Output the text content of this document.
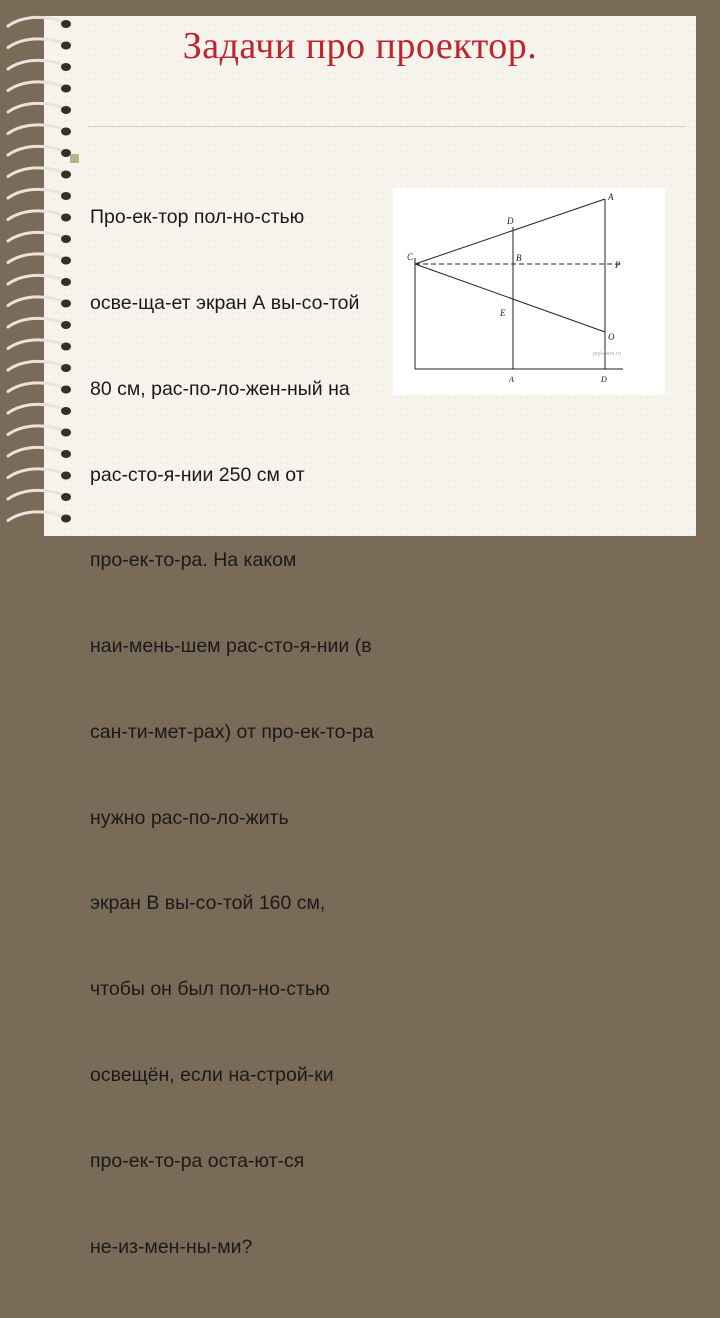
Задачи про проектор.

Про-ек-тор пол-но-стью

осве-ща-ет экран А вы-со-той

80 см, рас-по-ло-жен-ный на

рас-сто-я-нии 250 см от

про-ек-то-ра. На каком

наи-мень-шем рас-сто-я-нии (в

сан-ти-мет-рах) от про-ек-то-ра

нужно рас-по-ло-жить

экран В вы-со-той 160 см,

чтобы он был пол-но-стью

освещён, если на-строй-ки

про-ек-то-ра оста-ют-ся

не-из-мен-ны-ми?

C
D
A
B
P
E
O
A	D
pajobata.ru
